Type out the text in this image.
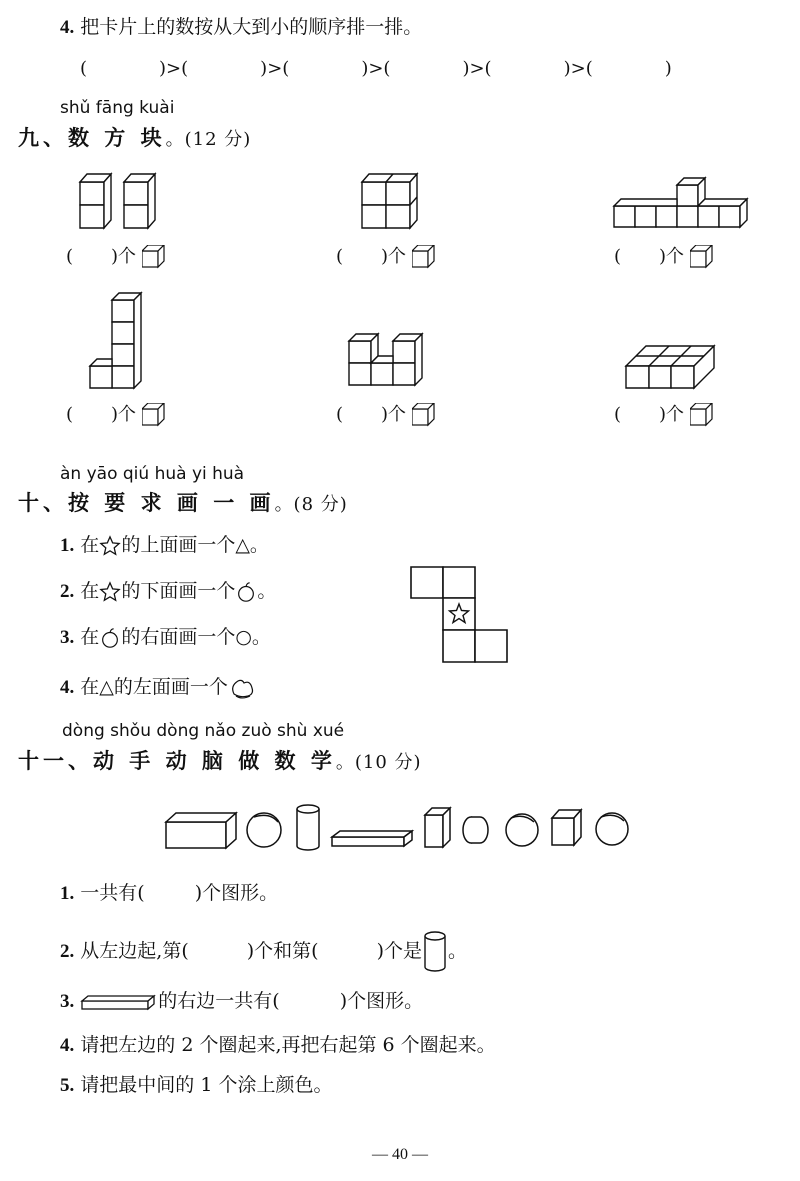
4. 把卡片上的数按从大到小的顺序排一排。
(	)>(	)>(	)>(	)>(	)>(	)
shǔ fāng kuài
九、数 方 块。(12 分)
( )个	( )个	( )个
( )个	( )个	( )个
àn yāo qiú huà yi huà
十、按 要 求 画 一 画。(8 分)
1. 在 的上面画一个△。
2. 在 的下面画一个 。
3. 在 的右面画一个○。
4. 在△的左面画一个
dòng shǒu dòng nǎo zuò shù xué
十一、动 手 动 脑 做 数 学。(10 分)
1. 一共有(	)个图形。
2. 从左边起,第(	)个和第(	)个是 。
3.	的右边一共有(	)个图形。
4. 请把左边的 2 个圈起来,再把右起第 6 个圈起来。
5. 请把最中间的 1 个涂上颜色。
— 40 —
